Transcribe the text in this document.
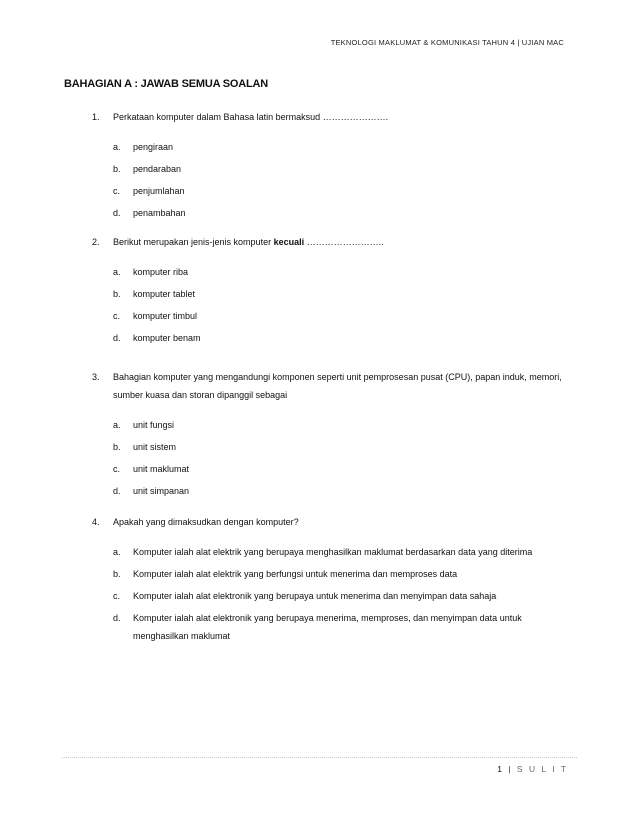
TEKNOLOGI MAKLUMAT & KOMUNIKASI TAHUN 4 | UJIAN MAC
BAHAGIAN A : JAWAB SEMUA SOALAN
1.	Perkataan komputer dalam Bahasa latin bermaksud ………………….
a.	pengiraan
b.	pendaraban
c.	penjumlahan
d.	penambahan
2.	Berikut merupakan jenis-jenis komputer kecuali ……………………..
a.	komputer riba
b.	komputer tablet
c.	komputer timbul
d.	komputer benam
3.	Bahagian komputer yang mengandungi komponen seperti unit pemprosesan pusat (CPU), papan induk, memori, sumber kuasa dan storan dipanggil sebagai
a.	unit fungsi
b.	unit sistem
c.	unit maklumat
d.	unit simpanan
4.	Apakah yang dimaksudkan dengan komputer?
a.	Komputer ialah alat elektrik yang berupaya menghasilkan maklumat berdasarkan data yang diterima
b.	Komputer ialah alat elektrik yang berfungsi untuk menerima dan memproses data
c.	Komputer ialah alat elektronik yang berupaya untuk menerima dan menyimpan data sahaja
d.	Komputer ialah alat elektronik yang berupaya menerima, memproses, dan menyimpan data untuk menghasilkan maklumat
1 | S U L I T
